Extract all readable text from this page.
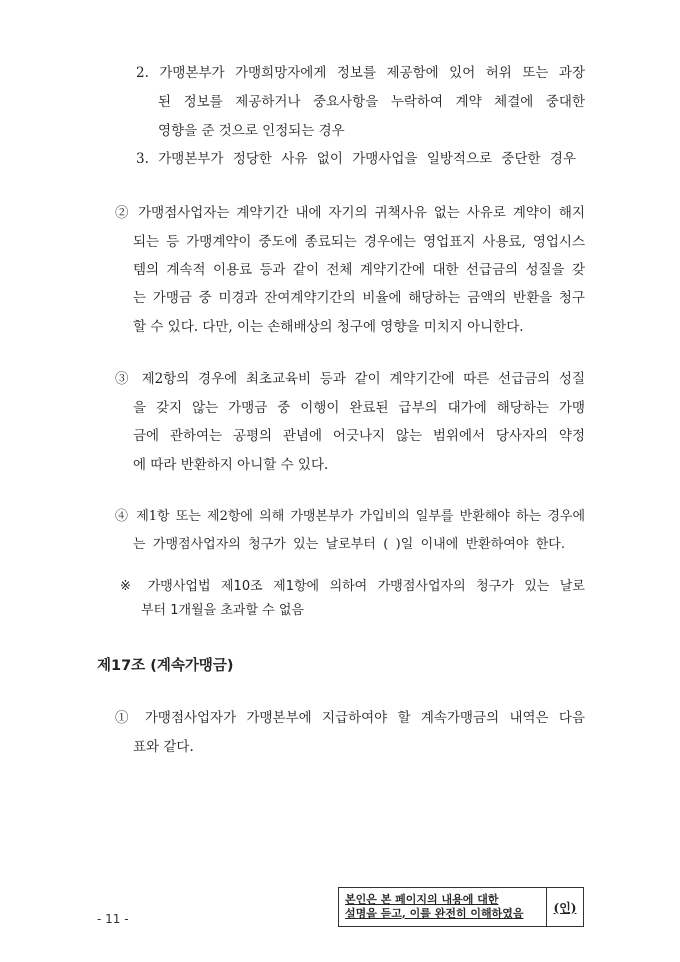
2. 가맹본부가 가맹희망자에게 정보를 제공함에 있어 허위 또는 과장
된 정보를 제공하거나 중요사항을 누락하여 계약 체결에 중대한
영향을 준 것으로 인정되는 경우
3. 가맹본부가 정당한 사유 없이 가맹사업을 일방적으로 중단한 경우
② 가맹점사업자는 계약기간 내에 자기의 귀책사유 없는 사유로 계약이 해지
되는 등 가맹계약이 중도에 종료되는 경우에는 영업표지 사용료, 영업시스
템의 계속적 이용료 등과 같이 전체 계약기간에 대한 선급금의 성질을 갖
는 가맹금 중 미경과 잔여계약기간의 비율에 해당하는 금액의 반환을 청구
할 수 있다. 다만, 이는 손해배상의 청구에 영향을 미치지 아니한다.
③ 제2항의 경우에 최초교육비 등과 같이 계약기간에 따른 선급금의 성질
을 갖지 않는 가맹금 중 이행이 완료된 급부의 대가에 해당하는 가맹
금에 관하여는 공평의 관념에 어긋나지 않는 범위에서 당사자의 약정
에 따라 반환하지 아니할 수 있다.
④ 제1항 또는 제2항에 의해 가맹본부가 가입비의 일부를 반환해야 하는 경우에
는 가맹점사업자의 청구가 있는 날로부터 ( )일 이내에 반환하여야 한다.
※ 가맹사업법 제10조 제1항에 의하여 가맹점사업자의 청구가 있는 날로
부터 1개월을 초과할 수 없음
제17조 (계속가맹금)
① 가맹점사업자가 가맹본부에 지급하여야 할 계속가맹금의 내역은 다음
표와 같다.
- 11 -
본인은 본 페이지의 내용에 대한
설명을 듣고, 이를 완전히 이해하였음	(인)
